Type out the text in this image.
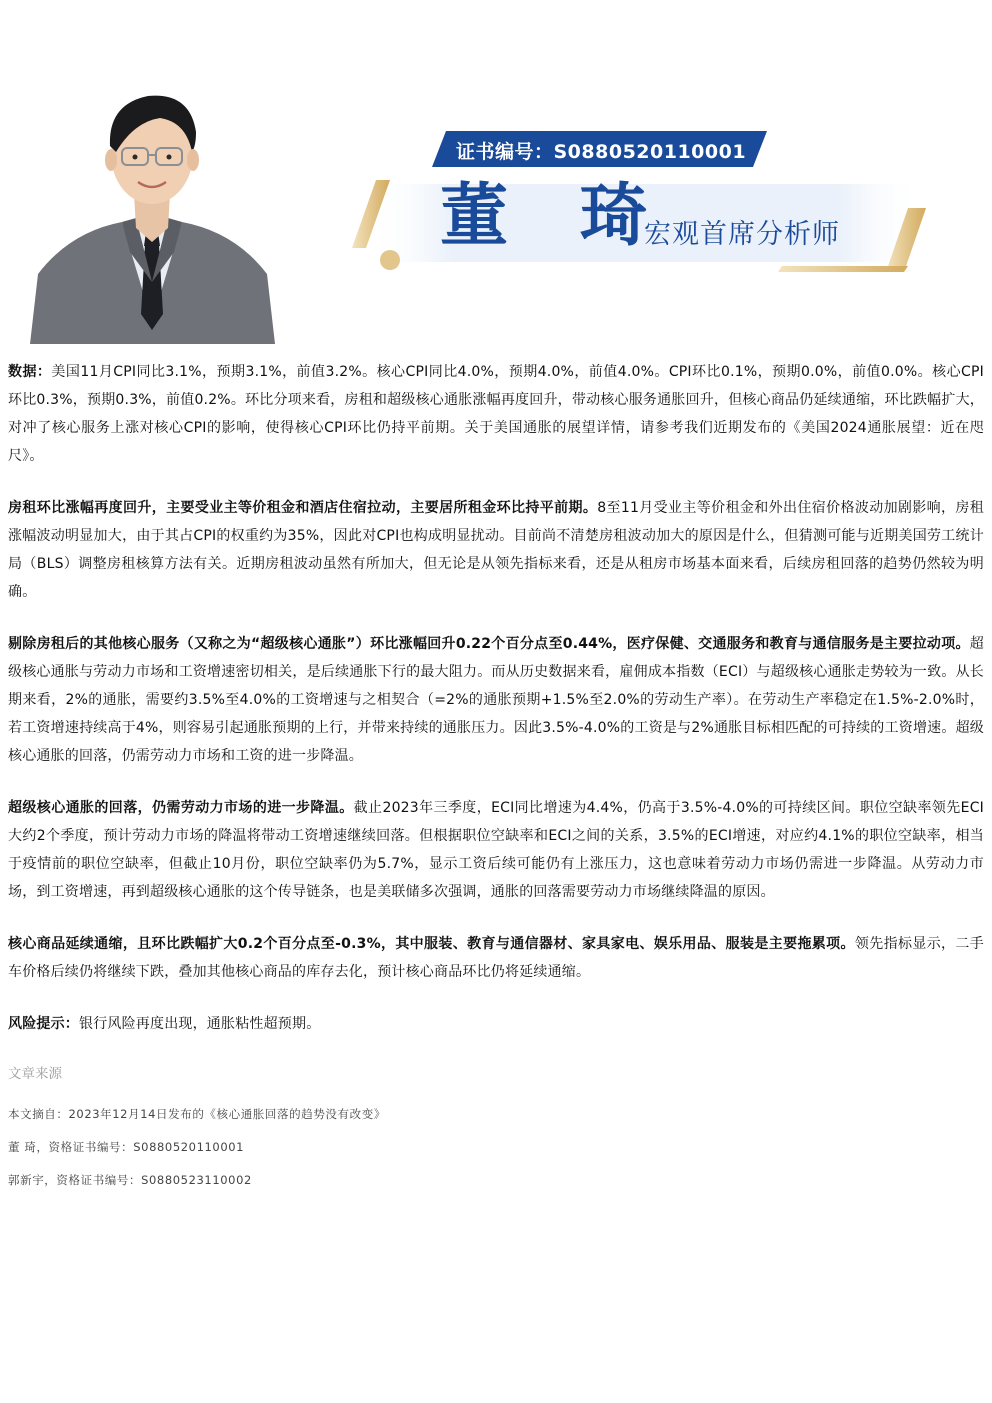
证书编号：S0880520110001
董 琦
宏观首席分析师

数据：美国11月CPI同比3.1%，预期3.1%，前值3.2%。核心CPI同比4.0%，预期4.0%，前值4.0%。CPI环比0.1%，预期0.0%，前值0.0%。核心CPI环比0.3%，预期0.3%，前值0.2%。环比分项来看，房租和超级核心通胀涨幅再度回升，带动核心服务通胀回升，但核心商品仍延续通缩，环比跌幅扩大，对冲了核心服务上涨对核心CPI的影响，使得核心CPI环比仍持平前期。关于美国通胀的展望详情，请参考我们近期发布的《美国2024通胀展望：近在咫尺》。

房租环比涨幅再度回升，主要受业主等价租金和酒店住宿拉动，主要居所租金环比持平前期。8至11月受业主等价租金和外出住宿价格波动加剧影响，房租涨幅波动明显加大，由于其占CPI的权重约为35%，因此对CPI也构成明显扰动。目前尚不清楚房租波动加大的原因是什么，但猜测可能与近期美国劳工统计局（BLS）调整房租核算方法有关。近期房租波动虽然有所加大，但无论是从领先指标来看，还是从租房市场基本面来看，后续房租回落的趋势仍然较为明确。

剔除房租后的其他核心服务（又称之为“超级核心通胀”）环比涨幅回升0.22个百分点至0.44%，医疗保健、交通服务和教育与通信服务是主要拉动项。超级核心通胀与劳动力市场和工资增速密切相关，是后续通胀下行的最大阻力。而从历史数据来看，雇佣成本指数（ECI）与超级核心通胀走势较为一致。从长期来看，2%的通胀，需要约3.5%至4.0%的工资增速与之相契合（=2%的通胀预期+1.5%至2.0%的劳动生产率）。在劳动生产率稳定在1.5%-2.0%时，若工资增速持续高于4%，则容易引起通胀预期的上行，并带来持续的通胀压力。因此3.5%-4.0%的工资是与2%通胀目标相匹配的可持续的工资增速。超级核心通胀的回落，仍需劳动力市场和工资的进一步降温。

超级核心通胀的回落，仍需劳动力市场的进一步降温。截止2023年三季度，ECI同比增速为4.4%，仍高于3.5%-4.0%的可持续区间。职位空缺率领先ECI大约2个季度，预计劳动力市场的降温将带动工资增速继续回落。但根据职位空缺率和ECI之间的关系，3.5%的ECI增速，对应约4.1%的职位空缺率，相当于疫情前的职位空缺率，但截止10月份，职位空缺率仍为5.7%，显示工资后续可能仍有上涨压力，这也意味着劳动力市场仍需进一步降温。从劳动力市场，到工资增速，再到超级核心通胀的这个传导链条，也是美联储多次强调，通胀的回落需要劳动力市场继续降温的原因。

核心商品延续通缩，且环比跌幅扩大0.2个百分点至-0.3%，其中服装、教育与通信器材、家具家电、娱乐用品、服装是主要拖累项。领先指标显示，二手车价格后续仍将继续下跌，叠加其他核心商品的库存去化，预计核心商品环比仍将延续通缩。

风险提示：银行风险再度出现，通胀粘性超预期。

文章来源
本文摘自：2023年12月14日发布的《核心通胀回落的趋势没有改变》
董 琦，资格证书编号：S0880520110001
郭新宇，资格证书编号：S0880523110002
